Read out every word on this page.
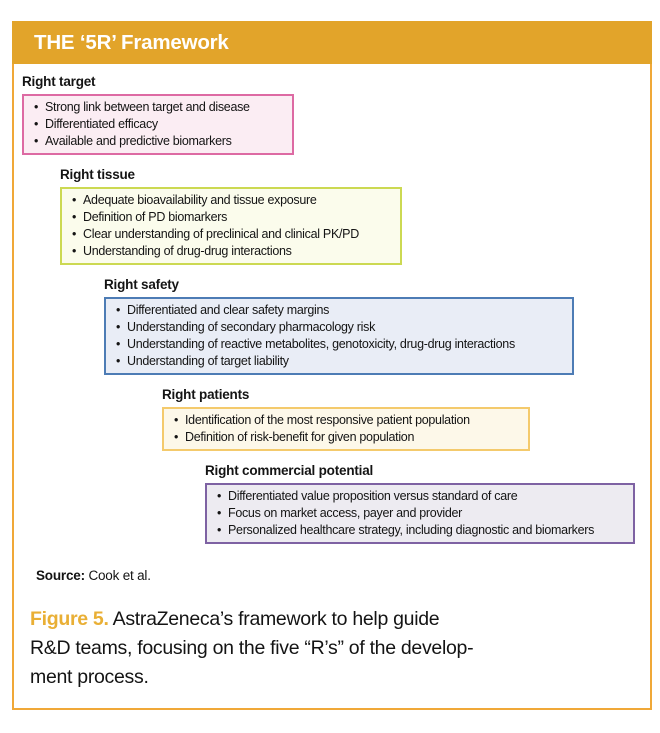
THE ‘5R’ Framework
Right target
• Strong link between target and disease
• Differentiated efficacy
• Available and predictive biomarkers
Right tissue
• Adequate bioavailability and tissue exposure
• Definition of PD biomarkers
• Clear understanding of preclinical and clinical PK/PD
• Understanding of drug-drug interactions
Right safety
• Differentiated and clear safety margins
• Understanding of secondary pharmacology risk
• Understanding of reactive metabolites, genotoxicity, drug-drug interactions
• Understanding of target liability
Right patients
• Identification of the most responsive patient population
• Definition of risk-benefit for given population
Right commercial potential
• Differentiated value proposition versus standard of care
• Focus on market access, payer and provider
• Personalized healthcare strategy, including diagnostic and biomarkers

Source: Cook et al.

Figure 5. AstraZeneca’s framework to help guide
R&D teams, focusing on the five “R’s” of the develop-
ment process.
